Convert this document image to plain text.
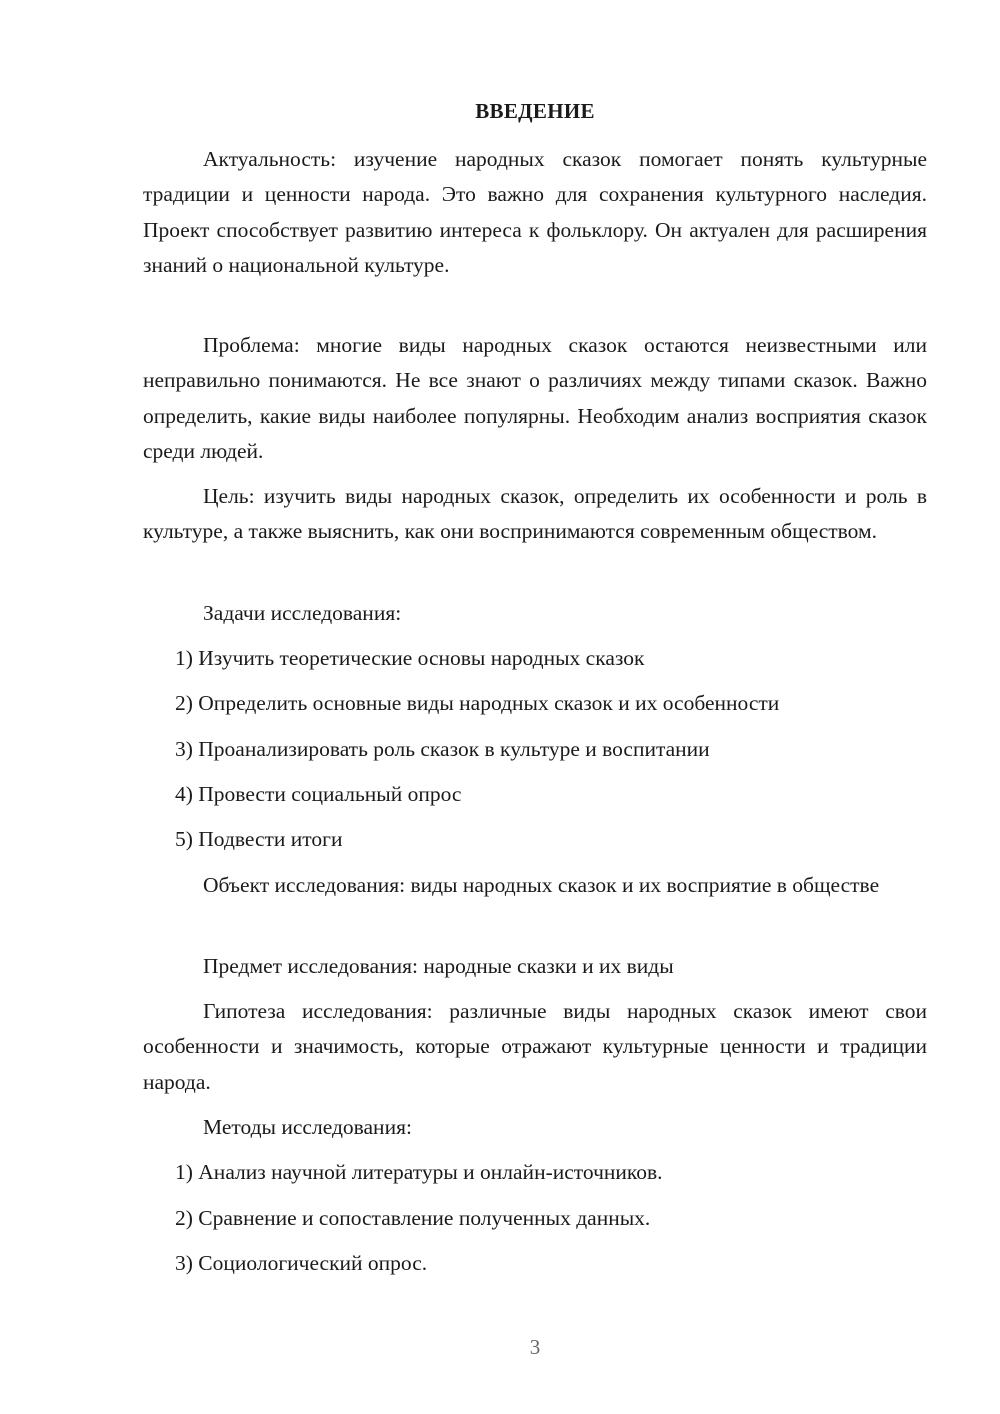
ВВЕДЕНИЕ

Актуальность: изучение народных сказок помогает понять культурные традиции и ценности народа. Это важно для сохранения культурного наследия. Проект способствует развитию интереса к фольклору. Он актуален для расширения знаний о национальной культуре.

Проблема: многие виды народных сказок остаются неизвестными или неправильно понимаются. Не все знают о различиях между типами сказок. Важно определить, какие виды наиболее популярны. Необходим анализ восприятия сказок среди людей.

Цель: изучить виды народных сказок, определить их особенности и роль в культуре, а также выяснить, как они воспринимаются современным обществом.

Задачи исследования:

1) Изучить теоретические основы народных сказок

2) Определить основные виды народных сказок и их особенности

3) Проанализировать роль сказок в культуре и воспитании

4) Провести социальный опрос

5) Подвести итоги

Объект исследования: виды народных сказок и их восприятие в обществе

Предмет исследования: народные сказки и их виды

Гипотеза исследования: различные виды народных сказок имеют свои особенности и значимость, которые отражают культурные ценности и традиции народа.

Методы исследования:

1) Анализ научной литературы и онлайн-источников.

2) Сравнение и сопоставление полученных данных.

3) Социологический опрос.

3
